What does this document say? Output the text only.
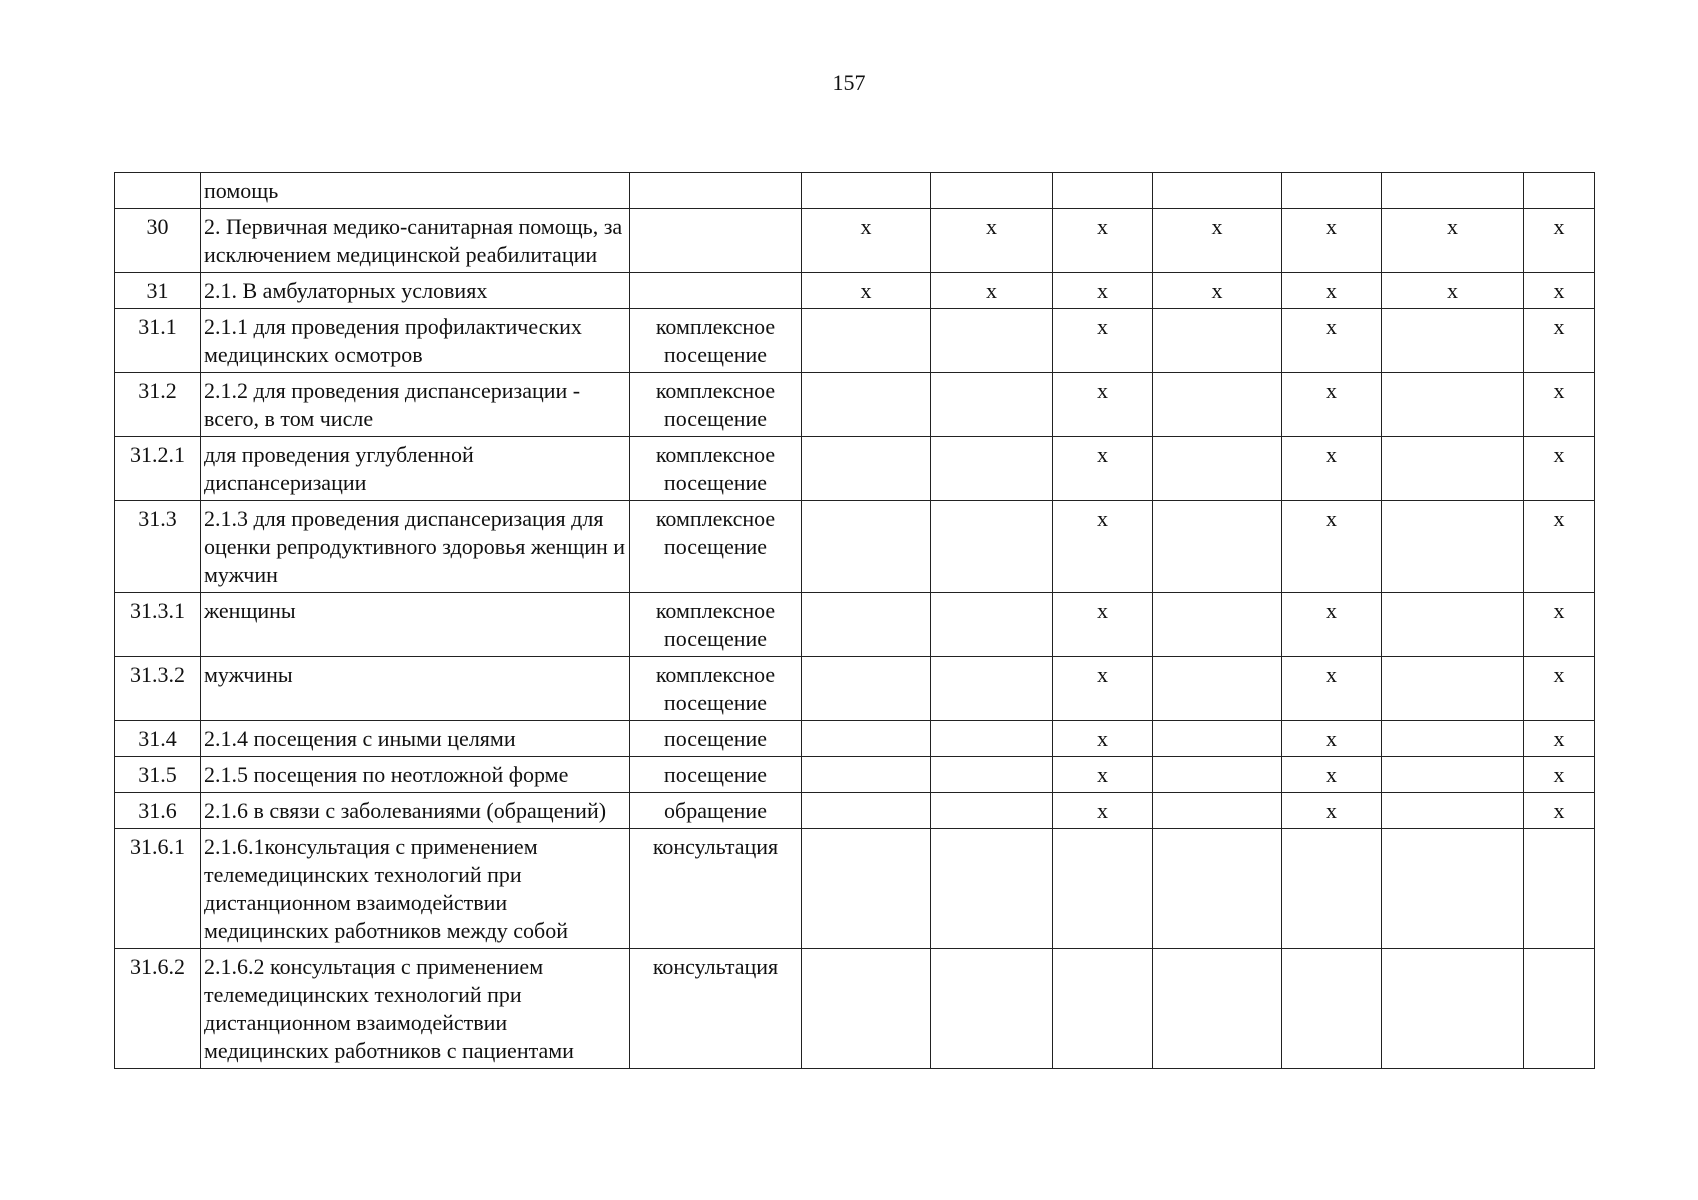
157
	помощь								
30	2. Первичная медико-санитарная помощь, за исключением медицинской реабилитации		х	х	х	х	х	х	х
31	2.1. В амбулаторных условиях		х	х	х	х	х	х	х
31.1	2.1.1 для проведения профилактических медицинских осмотров	комплексное посещение			х		х		х
31.2	2.1.2 для проведения диспансеризации - всего, в том числе	комплексное посещение			х		х		х
31.2.1	для проведения углубленной диспансеризации	комплексное посещение			х		х		х
31.3	2.1.3 для проведения диспансеризация для оценки репродуктивного здоровья женщин и мужчин	комплексное посещение			х		х		х
31.3.1	женщины	комплексное посещение			х		х		х
31.3.2	мужчины	комплексное посещение			х		х		х
31.4	2.1.4 посещения с иными целями	посещение			х		х		х
31.5	2.1.5 посещения по неотложной форме	посещение			х		х		х
31.6	2.1.6 в связи с заболеваниями (обращений)	обращение			х		х		х
31.6.1	2.1.6.1консультация с применением телемедицинских технологий при дистанционном взаимодействии медицинских работников между собой	консультация							
31.6.2	2.1.6.2 консультация с применением телемедицинских технологий при дистанционном взаимодействии медицинских работников с пациентами	консультация							
